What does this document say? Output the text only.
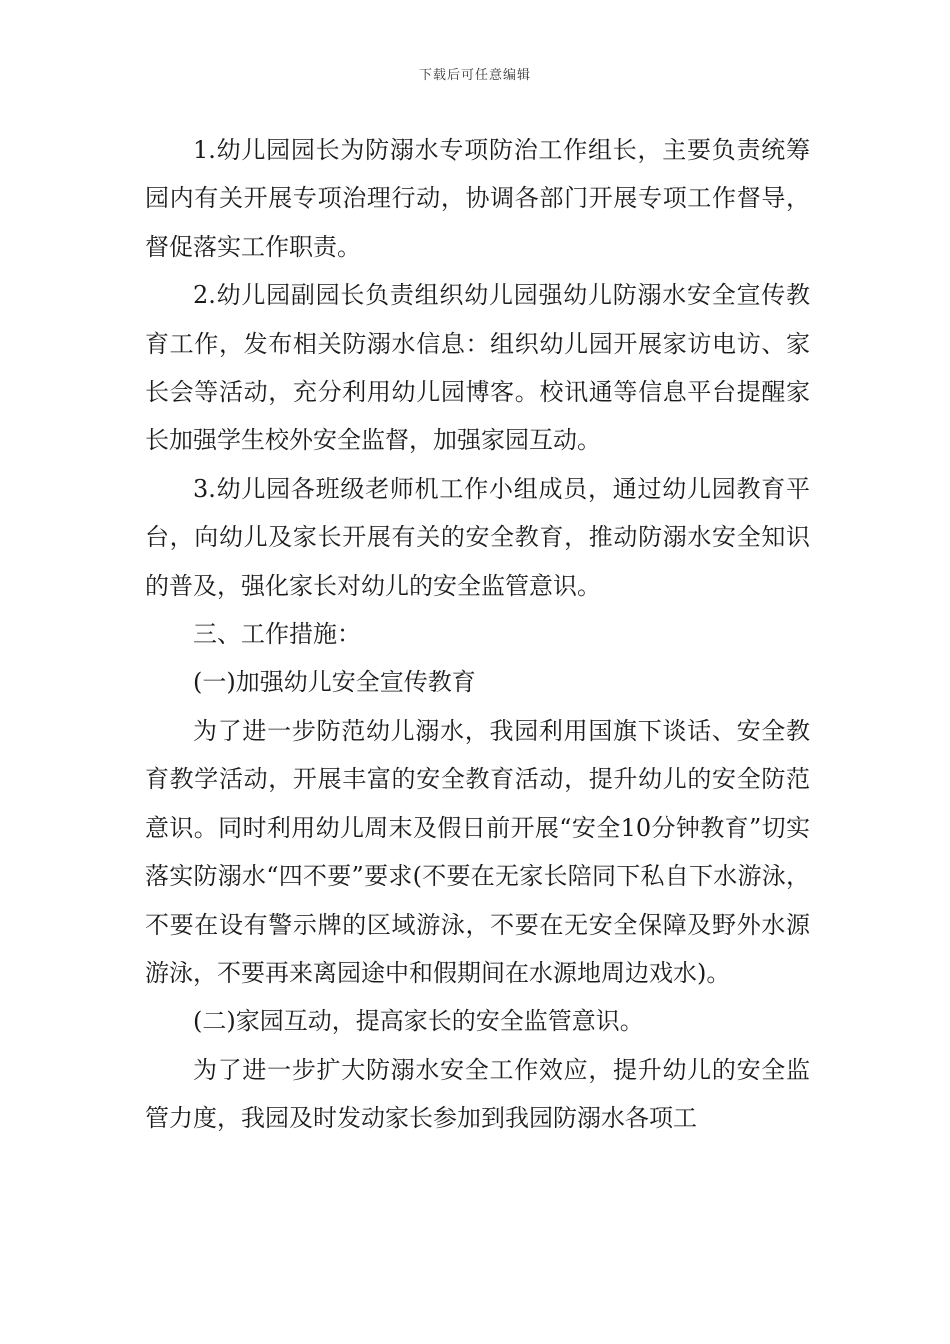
下载后可任意编辑

1.幼儿园园长为防溺水专项防治工作组长，主要负责统筹园内有关开展专项治理行动，协调各部门开展专项工作督导，督促落实工作职责。

2.幼儿园副园长负责组织幼儿园强幼儿防溺水安全宣传教育工作，发布相关防溺水信息：组织幼儿园开展家访电访、家长会等活动，充分利用幼儿园博客。校讯通等信息平台提醒家长加强学生校外安全监督，加强家园互动。

3.幼儿园各班级老师机工作小组成员，通过幼儿园教育平台，向幼儿及家长开展有关的安全教育，推动防溺水安全知识的普及，强化家长对幼儿的安全监管意识。

三、工作措施：

(一)加强幼儿安全宣传教育

为了进一步防范幼儿溺水，我园利用国旗下谈话、安全教育教学活动，开展丰富的安全教育活动，提升幼儿的安全防范意识。同时利用幼儿周末及假日前开展“安全10分钟教育”切实落实防溺水“四不要”要求(不要在无家长陪同下私自下水游泳，不要在设有警示牌的区域游泳，不要在无安全保障及野外水源游泳，不要再来离园途中和假期间在水源地周边戏水)。

(二)家园互动，提高家长的安全监管意识。

为了进一步扩大防溺水安全工作效应，提升幼儿的安全监管力度，我园及时发动家长参加到我园防溺水各项工
